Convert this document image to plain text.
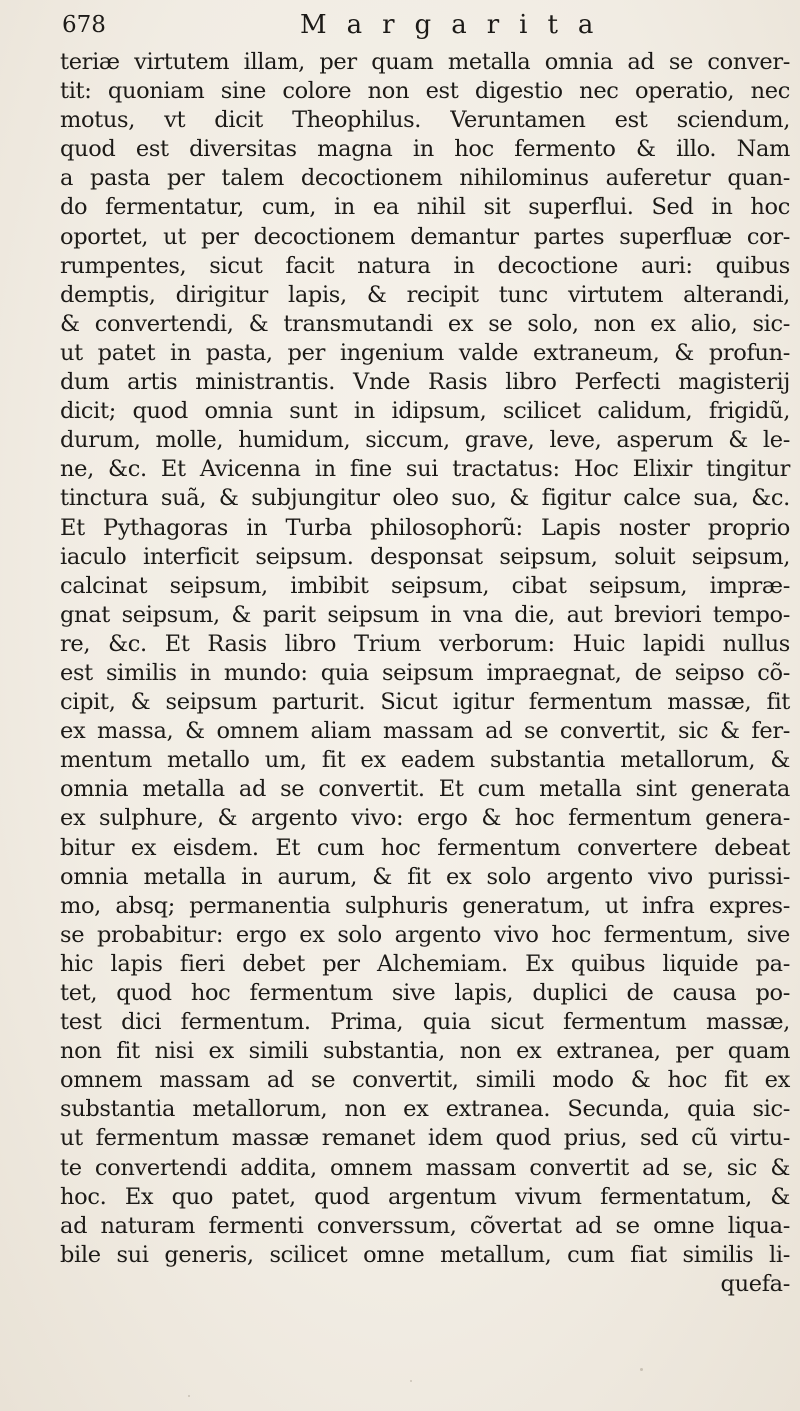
678	Margarita
teriæ virtutem illam, per quam metalla omnia ad se conver-
tit: quoniam sine colore non est digestio nec operatio, nec
motus, vt dicit Theophilus. Veruntamen est sciendum,
quod est diversitas magna in hoc fermento & illo. Nam
a pasta per talem decoctionem nihilominus auferetur quan-
do fermentatur, cum, in ea nihil sit superflui. Sed in hoc
oportet, ut per decoctionem demantur partes superfluæ cor-
rumpentes, sicut facit natura in decoctione auri: quibus
demptis, dirigitur lapis, & recipit tunc virtutem alterandi,
& convertendi, & transmutandi ex se solo, non ex alio, sic-
ut patet in pasta, per ingenium valde extraneum, & profun-
dum artis ministrantis. Vnde Rasis libro Perfecti magisterij
dicit; quod omnia sunt in idipsum, scilicet calidum, frigidũ,
durum, molle, humidum, siccum, grave, leve, asperum & le-
ne, &c. Et Avicenna in fine sui tractatus: Hoc Elixir tingitur
tinctura suã, & subjungitur oleo suo, & figitur calce sua, &c.
Et Pythagoras in Turba philosophorũ: Lapis noster proprio
iaculo interficit seipsum. desponsat seipsum, soluit seipsum,
calcinat seipsum, imbibit seipsum, cibat seipsum, impræ-
gnat seipsum, & parit seipsum in vna die, aut breviori tempo-
re, &c. Et Rasis libro Trium verborum: Huic lapidi nullus
est similis in mundo: quia seipsum impraegnat, de seipso cõ-
cipit, & seipsum parturit. Sicut igitur fermentum massæ, fit
ex massa, & omnem aliam massam ad se convertit, sic & fer-
mentum metallo um, fit ex eadem substantia metallorum, &
omnia metalla ad se convertit. Et cum metalla sint generata
ex sulphure, & argento vivo: ergo & hoc fermentum genera-
bitur ex eisdem. Et cum hoc fermentum convertere debeat
omnia metalla in aurum, & fit ex solo argento vivo purissi-
mo, absq; permanentia sulphuris generatum, ut infra expres-
se probabitur: ergo ex solo argento vivo hoc fermentum, sive
hic lapis fieri debet per Alchemiam. Ex quibus liquide pa-
tet, quod hoc fermentum sive lapis, duplici de causa po-
test dici fermentum. Prima, quia sicut fermentum massæ,
non fit nisi ex simili substantia, non ex extranea, per quam
omnem massam ad se convertit, simili modo & hoc fit ex
substantia metallorum, non ex extranea. Secunda, quia sic-
ut fermentum massæ remanet idem quod prius, sed cũ virtu-
te convertendi addita, omnem massam convertit ad se, sic &
hoc. Ex quo patet, quod argentum vivum fermentatum, &
ad naturam fermenti converssum, cõvertat ad se omne liqua-
bile sui generis, scilicet omne metallum, cum fiat similis li-
quefa-
